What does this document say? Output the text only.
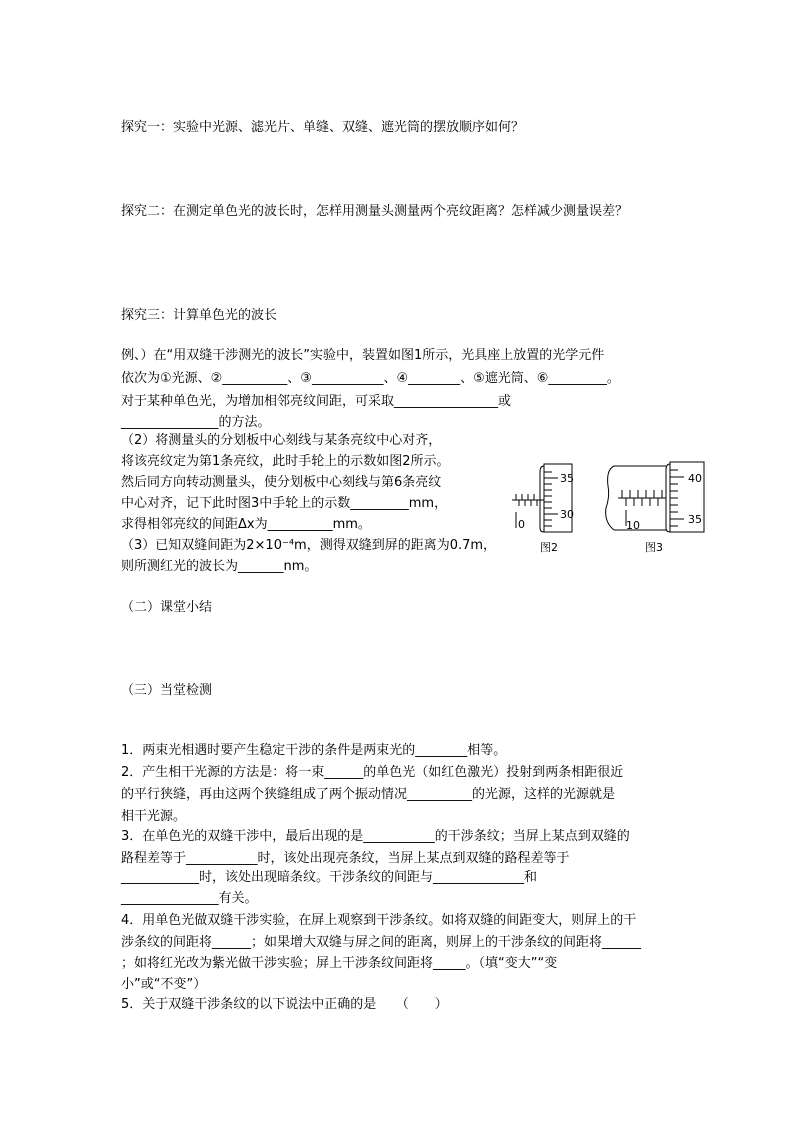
探究一：实验中光源、滤光片、单缝、双缝、遮光筒的摆放顺序如何？
探究二：在测定单色光的波长时，怎样用测量头测量两个亮纹距离？怎样减少测量误差？
探究三：计算单色光的波长
例、）在“用双缝干涉测光的波长”实验中，装置如图1所示，光具座上放置的光学元件
依次为①光源、②__________、③___________、④________、⑤遮光筒、⑥_________。
对于某种单色光，为增加相邻亮纹间距，可采取________________或
_______________的方法。
（2）将测量头的分划板中心刻线与某条亮纹中心对齐，
将该亮纹定为第1条亮纹，此时手轮上的示数如图2所示。
然后同方向转动测量头，使分划板中心刻线与第6条亮纹
中心对齐，记下此时图3中手轮上的示数_________mm，
求得相邻亮纹的间距Δx为__________mm。
（3）已知双缝间距为2×10⁻⁴m，测得双缝到屏的距离为0.7m，
则所测红光的波长为_______nm。
35
30
0
图2
40
35
10
图3
（二）课堂小结
（三）当堂检测
1．两束光相遇时要产生稳定干涉的条件是两束光的________相等。
2．产生相干光源的方法是：将一束______的单色光（如红色激光）投射到两条相距很近
的平行狭缝，再由这两个狭缝组成了两个振动情况__________的光源，这样的光源就是
相干光源。
3．在单色光的双缝干涉中，最后出现的是___________的干涉条纹；当屏上某点到双缝的
路程差等于___________时，该处出现亮条纹，当屏上某点到双缝的路程差等于
____________时，该处出现暗条纹。干涉条纹的间距与______________和
_______________有关。
4．用单色光做双缝干涉实验，在屏上观察到干涉条纹。如将双缝的间距变大，则屏上的干
涉条纹的间距将______；如果增大双缝与屏之间的距离，则屏上的干涉条纹的间距将______
；如将红光改为紫光做干涉实验；屏上干涉条纹间距将_____。（填“变大”“变
小”或“不变”）
5．关于双缝干涉条纹的以下说法中正确的是　　（　　）
